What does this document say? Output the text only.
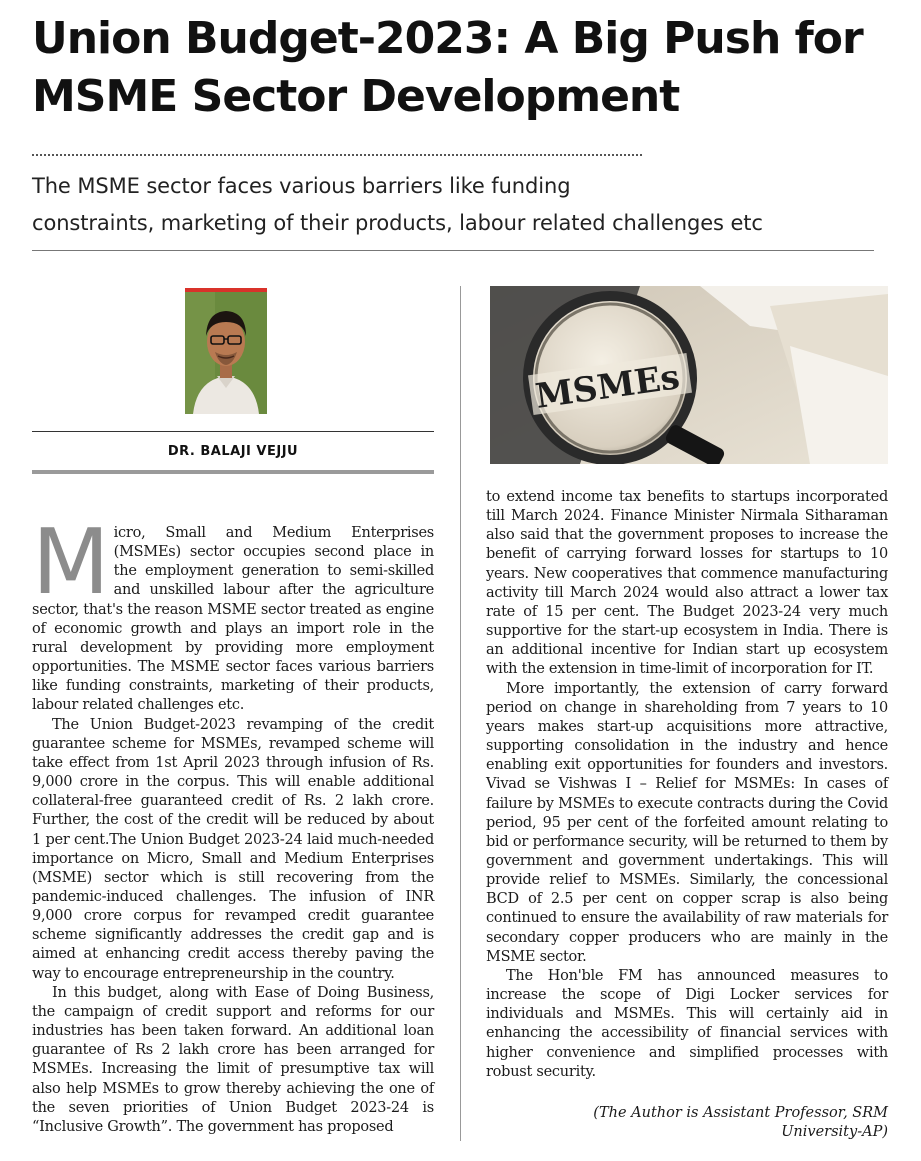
Union Budget-2023: A Big Push for
MSME Sector Development
The MSME sector faces various barriers like funding
constraints, marketing of their products, labour related challenges etc
DR. BALAJI VEJJU
MSMEs
M icro, Small and Medium Enterprises (MSMEs) sector occupies second place in the employment generation to semi-skilled and unskilled labour after the agriculture sector, that's the reason MSME sector treated as engine of economic growth and plays an import role in the rural development by providing more employment opportunities. The MSME sector faces various barriers like funding constraints, marketing of their products, labour related challenges etc.

The Union Budget-2023 revamping of the credit guarantee scheme for MSMEs, revamped scheme will take effect from 1st April 2023 through infusion of Rs. 9,000 crore in the corpus. This will enable additional collateral-free guaranteed credit of Rs. 2 lakh crore. Further, the cost of the credit will be reduced by about 1 per cent.The Union Budget 2023-24 laid much-needed importance on Micro, Small and Medium Enterprises (MSME) sector which is still recovering from the pandemic-induced challenges. The infusion of INR 9,000 crore corpus for revamped credit guarantee scheme significantly addresses the credit gap and is aimed at enhancing credit access thereby paving the way to encourage entrepreneurship in the country.

In this budget, along with Ease of Doing Business, the campaign of credit support and reforms for our industries has been taken forward. An additional loan guarantee of Rs 2 lakh crore has been arranged for MSMEs. Increasing the limit of presumptive tax will also help MSMEs to grow thereby achieving the one of the seven priorities of Union Budget 2023-24 is “Inclusive Growth”. The government has proposed

to extend income tax benefits to startups incorporated till March 2024. Finance Minister Nirmala Sitharaman also said that the government proposes to increase the benefit of carrying forward losses for startups to 10 years. New cooperatives that commence manufacturing activity till March 2024 would also attract a lower tax rate of 15 per cent. The Budget 2023-24 very much supportive for the start-up ecosystem in India. There is an additional incentive for Indian start up ecosystem with the extension in time-limit of incorporation for IT.

More importantly, the extension of carry forward period on change in shareholding from 7 years to 10 years makes start-up acquisitions more attractive, supporting consolidation in the industry and hence enabling exit opportunities for founders and investors. Vivad se Vishwas I – Relief for MSMEs: In cases of failure by MSMEs to execute contracts during the Covid period, 95 per cent of the forfeited amount relating to bid or performance security, will be returned to them by government and government undertakings. This will provide relief to MSMEs. Similarly, the concessional BCD of 2.5 per cent on copper scrap is also being continued to ensure the availability of raw materials for secondary copper producers who are mainly in the MSME sector.

The Hon'ble FM has announced measures to increase the scope of Digi Locker services for individuals and MSMEs. This will certainly aid in enhancing the accessibility of financial services with higher convenience and simplified processes with robust security.

(The Author is Assistant Professor, SRM
University-AP)
